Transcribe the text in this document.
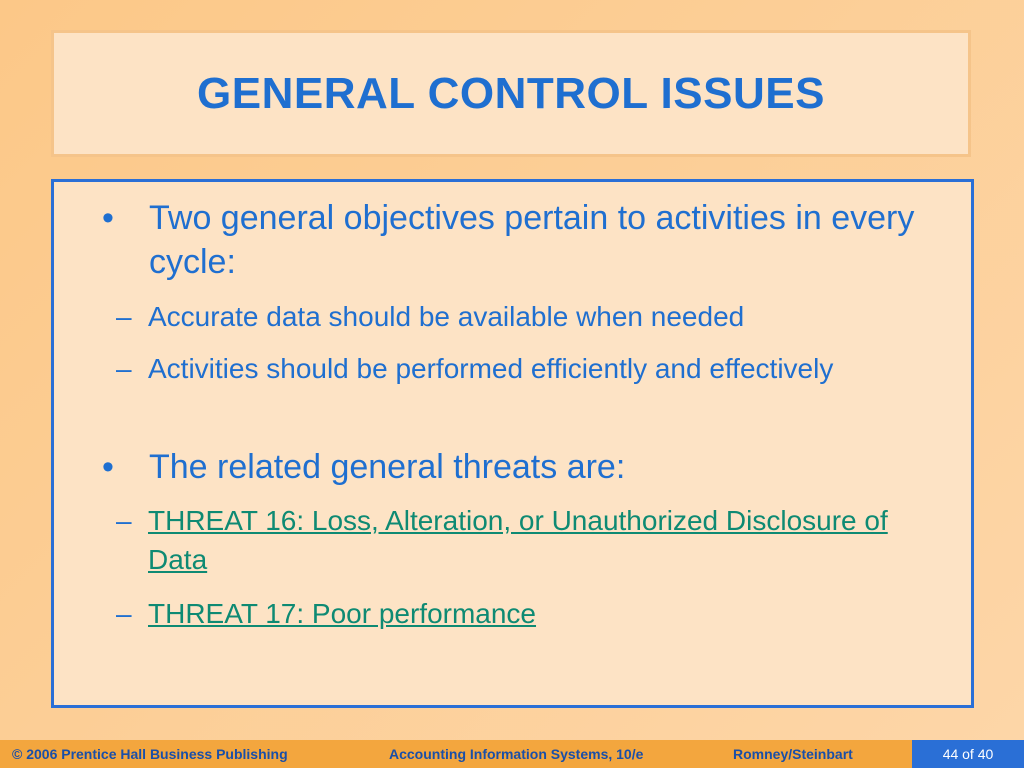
GENERAL CONTROL ISSUES
• Two general objectives pertain to activities in every cycle:
– Accurate data should be available when needed
– Activities should be performed efficiently and effectively
• The related general threats are:
– THREAT 16: Loss, Alteration, or Unauthorized Disclosure of Data
– THREAT 17: Poor performance
© 2006 Prentice Hall Business Publishing	Accounting Information Systems, 10/e	Romney/Steinbart	44 of 40
